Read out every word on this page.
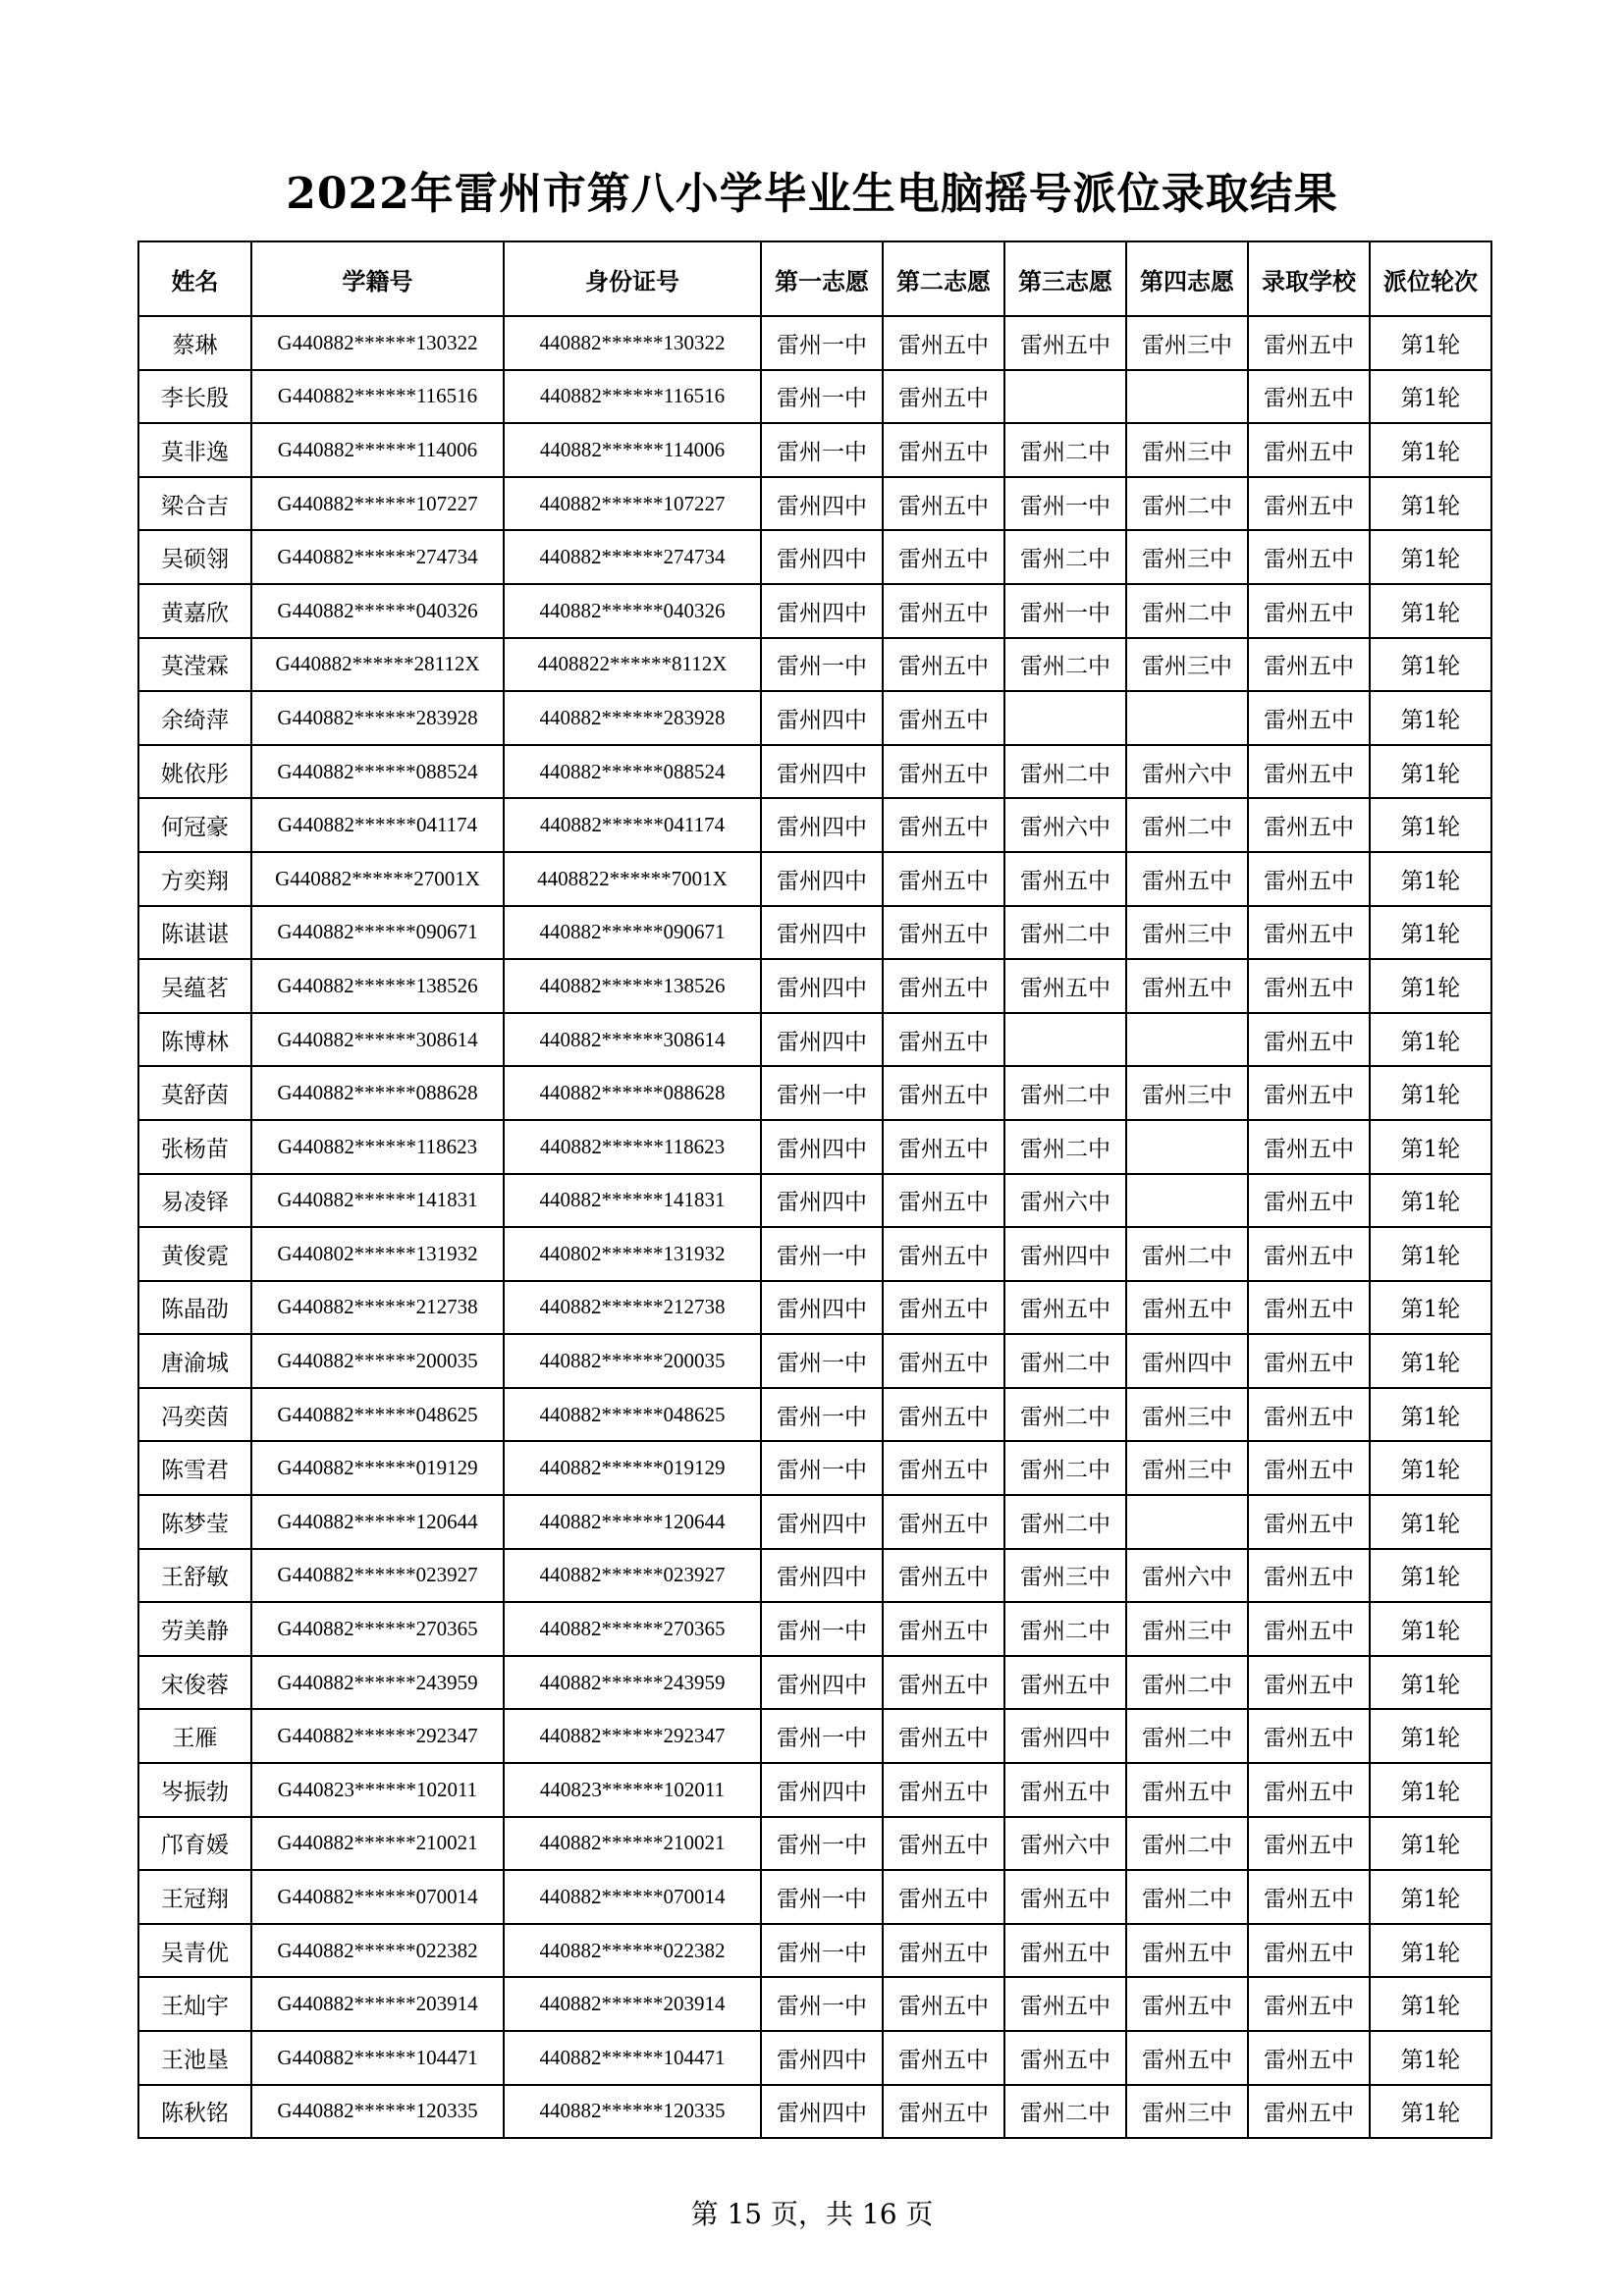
2022年雷州市第八小学毕业生电脑摇号派位录取结果
姓名	学籍号	身份证号	第一志愿	第二志愿	第三志愿	第四志愿	录取学校	派位轮次
蔡琳	G440882******130322	440882******130322	雷州一中	雷州五中	雷州五中	雷州三中	雷州五中	第1轮
李长殷	G440882******116516	440882******116516	雷州一中	雷州五中			雷州五中	第1轮
莫非逸	G440882******114006	440882******114006	雷州一中	雷州五中	雷州二中	雷州三中	雷州五中	第1轮
梁合吉	G440882******107227	440882******107227	雷州四中	雷州五中	雷州一中	雷州二中	雷州五中	第1轮
吴硕翎	G440882******274734	440882******274734	雷州四中	雷州五中	雷州二中	雷州三中	雷州五中	第1轮
黄嘉欣	G440882******040326	440882******040326	雷州四中	雷州五中	雷州一中	雷州二中	雷州五中	第1轮
莫滢霖	G440882******28112X	4408822******8112X	雷州一中	雷州五中	雷州二中	雷州三中	雷州五中	第1轮
余绮萍	G440882******283928	440882******283928	雷州四中	雷州五中			雷州五中	第1轮
姚依彤	G440882******088524	440882******088524	雷州四中	雷州五中	雷州二中	雷州六中	雷州五中	第1轮
何冠豪	G440882******041174	440882******041174	雷州四中	雷州五中	雷州六中	雷州二中	雷州五中	第1轮
方奕翔	G440882******27001X	4408822******7001X	雷州四中	雷州五中	雷州五中	雷州五中	雷州五中	第1轮
陈谌谌	G440882******090671	440882******090671	雷州四中	雷州五中	雷州二中	雷州三中	雷州五中	第1轮
吴蕴茗	G440882******138526	440882******138526	雷州四中	雷州五中	雷州五中	雷州五中	雷州五中	第1轮
陈博林	G440882******308614	440882******308614	雷州四中	雷州五中			雷州五中	第1轮
莫舒茵	G440882******088628	440882******088628	雷州一中	雷州五中	雷州二中	雷州三中	雷州五中	第1轮
张杨苗	G440882******118623	440882******118623	雷州四中	雷州五中	雷州二中		雷州五中	第1轮
易凌铎	G440882******141831	440882******141831	雷州四中	雷州五中	雷州六中		雷州五中	第1轮
黄俊霓	G440802******131932	440802******131932	雷州一中	雷州五中	雷州四中	雷州二中	雷州五中	第1轮
陈晶劭	G440882******212738	440882******212738	雷州四中	雷州五中	雷州五中	雷州五中	雷州五中	第1轮
唐渝城	G440882******200035	440882******200035	雷州一中	雷州五中	雷州二中	雷州四中	雷州五中	第1轮
冯奕茵	G440882******048625	440882******048625	雷州一中	雷州五中	雷州二中	雷州三中	雷州五中	第1轮
陈雪君	G440882******019129	440882******019129	雷州一中	雷州五中	雷州二中	雷州三中	雷州五中	第1轮
陈梦莹	G440882******120644	440882******120644	雷州四中	雷州五中	雷州二中		雷州五中	第1轮
王舒敏	G440882******023927	440882******023927	雷州四中	雷州五中	雷州三中	雷州六中	雷州五中	第1轮
劳美静	G440882******270365	440882******270365	雷州一中	雷州五中	雷州二中	雷州三中	雷州五中	第1轮
宋俊蓉	G440882******243959	440882******243959	雷州四中	雷州五中	雷州五中	雷州二中	雷州五中	第1轮
王雁	G440882******292347	440882******292347	雷州一中	雷州五中	雷州四中	雷州二中	雷州五中	第1轮
岑振勃	G440823******102011	440823******102011	雷州四中	雷州五中	雷州五中	雷州五中	雷州五中	第1轮
邝育媛	G440882******210021	440882******210021	雷州一中	雷州五中	雷州六中	雷州二中	雷州五中	第1轮
王冠翔	G440882******070014	440882******070014	雷州一中	雷州五中	雷州五中	雷州二中	雷州五中	第1轮
吴青优	G440882******022382	440882******022382	雷州一中	雷州五中	雷州五中	雷州五中	雷州五中	第1轮
王灿宇	G440882******203914	440882******203914	雷州一中	雷州五中	雷州五中	雷州五中	雷州五中	第1轮
王池垦	G440882******104471	440882******104471	雷州四中	雷州五中	雷州五中	雷州五中	雷州五中	第1轮
陈秋铭	G440882******120335	440882******120335	雷州四中	雷州五中	雷州二中	雷州三中	雷州五中	第1轮
第 15 页，共 16 页
